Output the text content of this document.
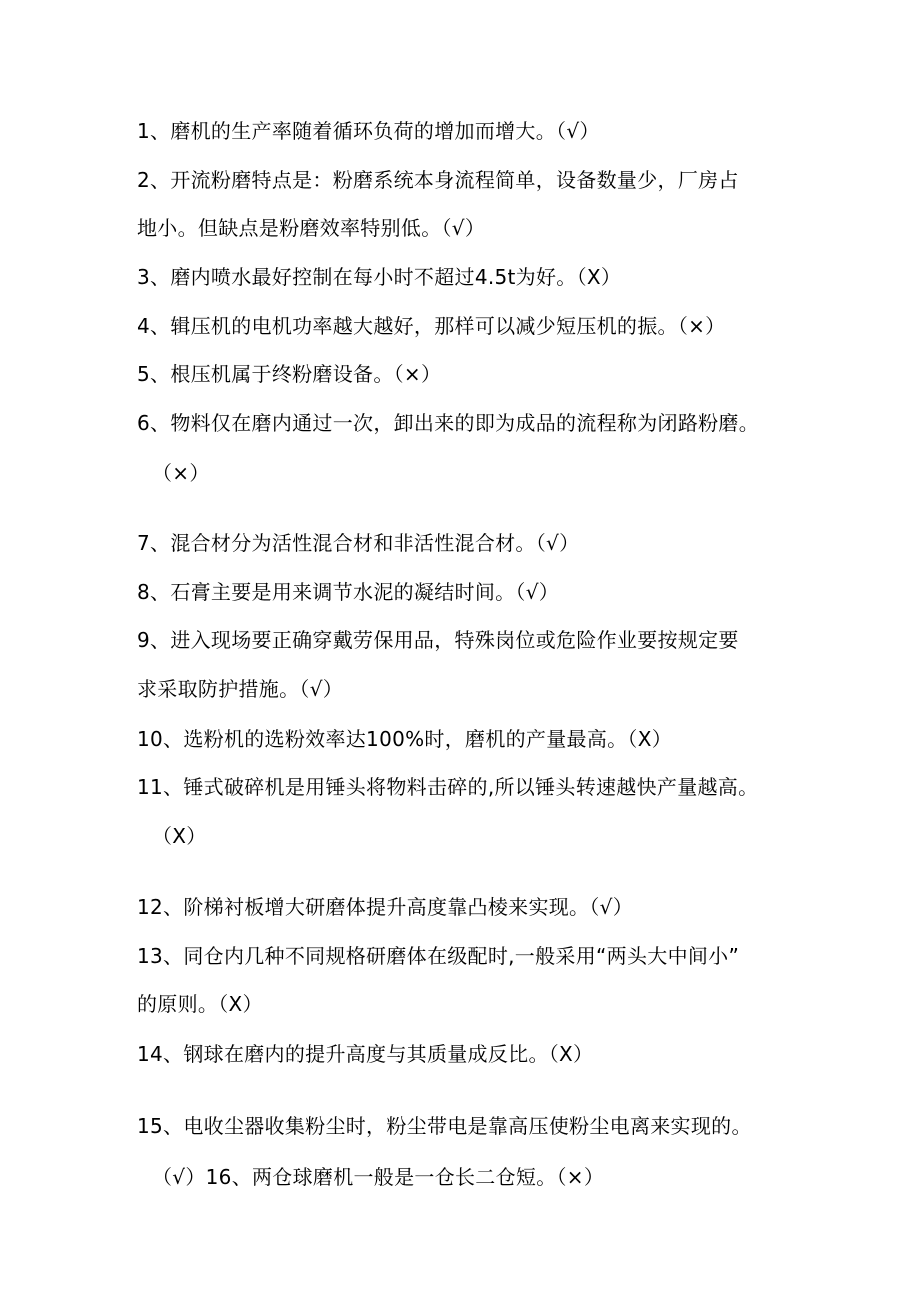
1、磨机的生产率随着循环负荷的增加而增大。（√）
2、开流粉磨特点是：粉磨系统本身流程简单，设备数量少，厂房占
地小。但缺点是粉磨效率特别低。（√）
3、磨内喷水最好控制在每小时不超过4.5t为好。（X）
4、辑压机的电机功率越大越好，那样可以减少短压机的振。（×）
5、根压机属于终粉磨设备。（×）
6、物料仅在磨内通过一次，卸出来的即为成品的流程称为闭路粉磨。
（×）
7、混合材分为活性混合材和非活性混合材。（√）
8、石膏主要是用来调节水泥的凝结时间。（√）
9、进入现场要正确穿戴劳保用品，特殊岗位或危险作业要按规定要
求采取防护措施。（√）
10、选粉机的选粉效率达100%时，磨机的产量最高。（X）
11、锤式破碎机是用锤头将物料击碎的,所以锤头转速越快产量越高。
（X）
12、阶梯衬板增大研磨体提升高度靠凸棱来实现。（√）
13、同仓内几种不同规格研磨体在级配时,一般采用“两头大中间小”
的原则。（X）
14、钢球在磨内的提升高度与其质量成反比。（X）
15、电收尘器收集粉尘时，粉尘带电是靠高压使粉尘电离来实现的。
（√）16、两仓球磨机一般是一仓长二仓短。（×）
